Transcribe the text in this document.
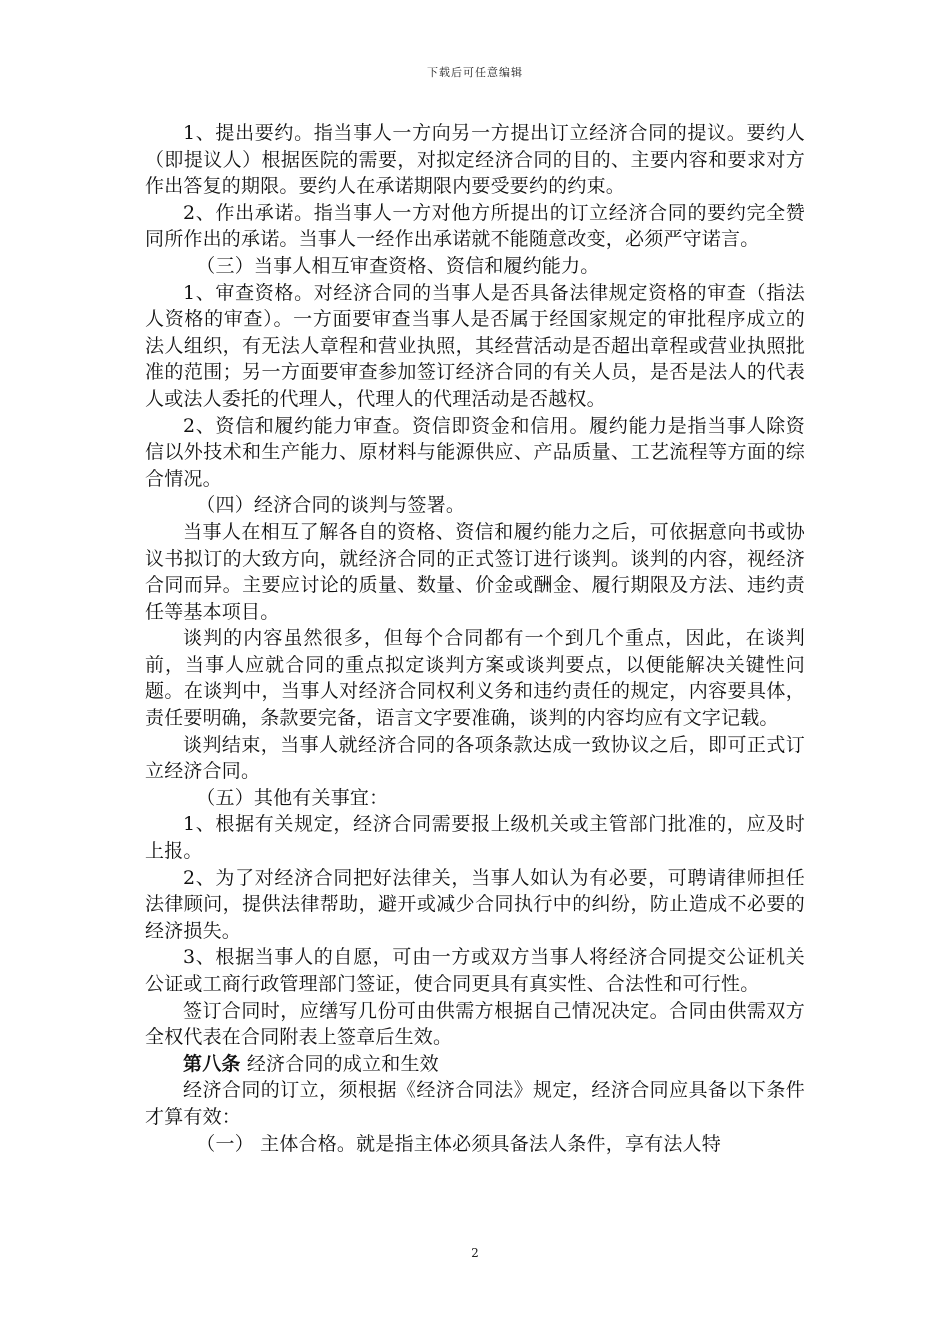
下载后可任意编辑

1、提出要约。指当事人一方向另一方提出订立经济合同的提议。要约人（即提议人）根据医院的需要，对拟定经济合同的目的、主要内容和要求对方作出答复的期限。要约人在承诺期限内要受要约的约束。

2、作出承诺。指当事人一方对他方所提出的订立经济合同的要约完全赞同所作出的承诺。当事人一经作出承诺就不能随意改变，必须严守诺言。

（三）当事人相互审查资格、资信和履约能力。

1、审查资格。对经济合同的当事人是否具备法律规定资格的审查（指法人资格的审查）。一方面要审查当事人是否属于经国家规定的审批程序成立的法人组织，有无法人章程和营业执照，其经营活动是否超出章程或营业执照批准的范围；另一方面要审查参加签订经济合同的有关人员，是否是法人的代表人或法人委托的代理人，代理人的代理活动是否越权。

2、资信和履约能力审查。资信即资金和信用。履约能力是指当事人除资信以外技术和生产能力、原材料与能源供应、产品质量、工艺流程等方面的综合情况。

（四）经济合同的谈判与签署。

当事人在相互了解各自的资格、资信和履约能力之后，可依据意向书或协议书拟订的大致方向，就经济合同的正式签订进行谈判。谈判的内容，视经济合同而异。主要应讨论的质量、数量、价金或酬金、履行期限及方法、违约责任等基本项目。

谈判的内容虽然很多，但每个合同都有一个到几个重点，因此，在谈判前，当事人应就合同的重点拟定谈判方案或谈判要点，以便能解决关键性问题。在谈判中，当事人对经济合同权利义务和违约责任的规定，内容要具体，责任要明确，条款要完备，语言文字要准确，谈判的内容均应有文字记载。

谈判结束，当事人就经济合同的各项条款达成一致协议之后，即可正式订立经济合同。

（五）其他有关事宜：

1、根据有关规定，经济合同需要报上级机关或主管部门批准的，应及时上报。

2、为了对经济合同把好法律关，当事人如认为有必要，可聘请律师担任法律顾问，提供法律帮助，避开或减少合同执行中的纠纷，防止造成不必要的经济损失。

3、根据当事人的自愿，可由一方或双方当事人将经济合同提交公证机关公证或工商行政管理部门签证，使合同更具有真实性、合法性和可行性。

签订合同时，应缮写几份可由供需方根据自己情况决定。合同由供需双方全权代表在合同附表上签章后生效。

第八条 经济合同的成立和生效

经济合同的订立，须根据《经济合同法》规定，经济合同应具备以下条件才算有效：

（一） 主体合格。就是指主体必须具备法人条件，享有法人特

2
